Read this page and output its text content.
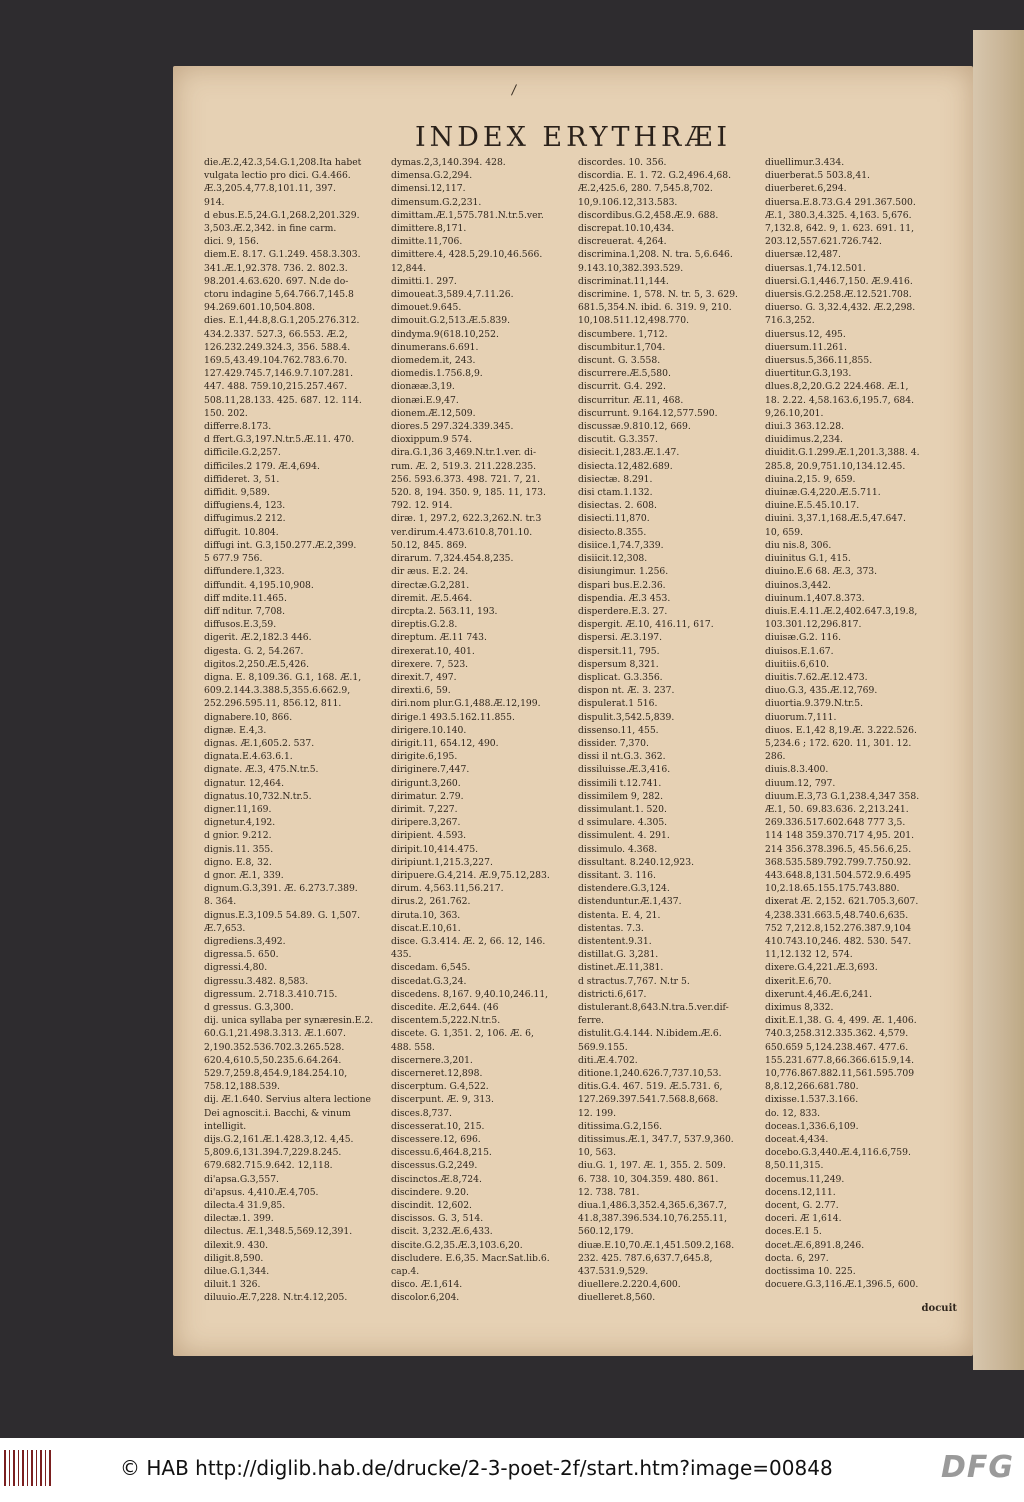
INDEX ERYTHRÆI
die.Æ.2,42.3,54.G.1,208.Ita habet
vulgata lectio pro dici. G.4.466.
Æ.3,205.4,77.8,101.11, 397.
914.
d ebus.E.5,24.G.1,268.2,201.329.
3,503.Æ.2,342. in fine carm.
dici. 9, 156.
diem.E. 8.17. G.1.249. 458.3.303.
341.Æ.1,92.378. 736. 2. 802.3.
98.201.4.63.620. 697. N.de do-
ctoru indagine 5,64.766.7,145.8
94.269.601.10,504.808.
dies. E.1,44.8,8.G.1,205.276.312.
434.2.337. 527.3, 66.553. Æ.2,
126.232.249.324.3, 356. 588.4.
169.5,43.49.104.762.783.6.70.
127.429.745.7,146.9.7.107.281.
447. 488. 759.10,215.257.467.
508.11,28.133. 425. 687. 12. 114.
150. 202.
differre.8.173.
d ffert.G.3,197.N.tr.5.Æ.11. 470.
difficile.G.2,257.
difficiles.2 179. Æ.4,694.
diffideret. 3, 51.
diffidit. 9,589.
diffugiens.4, 123.
diffugimus.2 212.
diffugit. 10.804.
diffugi int. G.3,150.277.Æ.2,399.
5 677.9 756.
diffundere.1,323.
diffundit. 4,195.10,908.
diff mdite.11.465.
diff nditur. 7,708.
diffusos.E.3,59.
digerit. Æ.2,182.3 446.
digesta. G. 2, 54.267.
digitos.2,250.Æ.5,426.
digna. E. 8,109.36. G.1, 168. Æ.1,
609.2.144.3.388.5,355.6.662.9,
252.296.595.11, 856.12, 811.
dignabere.10, 866.
dignæ. E.4,3.
dignas. Æ.1,605.2. 537.
dignata.E.4.63.6.1.
dignate. Æ.3, 475.N.tr.5.
dignatur. 12,464.
dignatus.10,732.N.tr.5.
digner.11,169.
dignetur.4,192.
d gnior. 9.212.
dignis.11. 355.
digno. E.8, 32.
d gnor. Æ.1, 339.
dignum.G.3,391. Æ. 6.273.7.389.
8. 364.
dignus.E.3,109.5 54.89. G. 1,507.
Æ.7,653.
digrediens.3,492.
digressa.5. 650.
digressi.4,80.
digressu.3.482. 8,583.
digressum. 2.718.3.410.715.
d gressus. G.3,300.
dij. unica syllaba per synæresin.E.2.
60.G.1,21.498.3.313. Æ.1.607.
2,190.352.536.702.3.265.528.
620.4,610.5,50.235.6.64.264.
529.7,259.8,454.9,184.254.10,
758.12,188.539.
dij. Æ.1.640. Servius altera lectione
Dei agnoscit.i. Bacchi, & vinum
intelligit.
dijs.G.2,161.Æ.1.428.3,12. 4,45.
5,809.6,131.394.7,229.8.245.
679.682.715.9.642. 12,118.
di'apsa.G.3,557.
di'apsus. 4,410.Æ.4,705.
dilecta.4 31.9,85.
dilectæ.1. 399.
dilectus. Æ.1,348.5,569.12,391.
dilexit.9. 430.
diligit.8,590.
dilue.G.1,344.
diluit.1 326.
diluuio.Æ.7,228. N.tr.4.12,205.
dymas.2,3,140.394. 428.
dimensa.G.2,294.
dimensi.12,117.
dimensum.G.2,231.
dimittam.Æ.1,575.781.N.tr.5.ver.
dimittere.8,171.
dimitte.11,706.
dimittere.4, 428.5,29.10,46.566.
12,844.
dimitti.1. 297.
dimoueat.3,589.4,7.11.26.
dimouet.9.645.
dimouit.G.2,513.Æ.5.839.
dindyma.9(618.10,252.
dinumerans.6.691.
diomedem.it, 243.
diomedis.1.756.8,9.
dionææ.3,19.
dionæi.E.9,47.
dionem.Æ.12,509.
diores.5 297.324.339.345.
dioxippum.9 574.
dira.G.1,36 3,469.N.tr.1.ver. di-
rum. Æ. 2, 519.3. 211.228.235.
256. 593.6.373. 498. 721. 7, 21.
520. 8, 194. 350. 9, 185. 11, 173.
792. 12. 914.
diræ. 1, 297.2, 622.3,262.N. tr.3
ver.dirum.4.473.610.8,701.10.
50.12, 845. 869.
dirarum. 7,324.454.8,235.
dir æus. E.2. 24.
directæ.G.2,281.
diremit. Æ.5.464.
dircpta.2. 563.11, 193.
direptis.G.2.8.
direptum. Æ.11 743.
direxerat.10, 401.
direxere. 7, 523.
direxit.7, 497.
direxti.6, 59.
diri.nom plur.G.1,488.Æ.12,199.
dirige.1 493.5.162.11.855.
dirigere.10.140.
dirigit.11, 654.12, 490.
dirigite.6,195.
diriginere.7,447.
dirigunt.3,260.
dirimatur. 2.79.
dirimit. 7,227.
diripere.3,267.
diripient. 4.593.
diripit.10,414.475.
diripiunt.1,215.3,227.
diripuere.G.4,214. Æ.9,75.12,283.
dirum. 4,563.11,56.217.
dirus.2, 261.762.
diruta.10, 363.
discat.E.10,61.
disce. G.3.414. Æ. 2, 66. 12, 146.
435.
discedam. 6,545.
discedat.G.3,24.
discedens. 8,167. 9,40.10,246.11,
discedite. Æ.2,644. (46
discentem.5,222.N.tr.5.
discete. G. 1,351. 2, 106. Æ. 6,
488. 558.
discernere.3,201.
discerneret.12,898.
discerptum. G.4,522.
discerpunt. Æ. 9, 313.
disces.8,737.
discesserat.10, 215.
discessere.12, 696.
discessu.6,464.8,215.
discessus.G.2,249.
discinctos.Æ.8,724.
discindere. 9.20.
discindit. 12,602.
discissos. G. 3, 514.
discit. 3,232.Æ.6,433.
discite.G.2,35.Æ.3,103.6,20.
discludere. E.6,35. Macr.Sat.lib.6.
cap.4.
disco. Æ.1,614.
discolor.6,204.
discordes. 10. 356.
discordia. E. 1. 72. G.2,496.4,68.
Æ.2,425.6, 280. 7,545.8,702.
10,9.106.12,313.583.
discordibus.G.2,458.Æ.9. 688.
discrepat.10.10,434.
discreuerat. 4,264.
discrimina.1,208. N. tra. 5,6.646.
9.143.10,382.393.529.
discriminat.11,144.
discrimine. 1, 578. N. tr. 5, 3. 629.
681.5,354.N. ibid. 6. 319. 9, 210.
10,108.511.12,498.770.
discumbere. 1,712.
discumbitur.1,704.
discunt. G. 3.558.
discurrere.Æ.5,580.
discurrit. G.4. 292.
discurritur. Æ.11, 468.
discurrunt. 9.164.12,577.590.
discussæ.9.810.12, 669.
discutit. G.3.357.
disiecit.1,283.Æ.1.47.
disiecta.12,482.689.
disiectæ. 8.291.
disi ctam.1.132.
disiectas. 2. 608.
disiecti.11,870.
disiecto.8.355.
disiice.1,74.7,339.
disiicit.12,308.
disiungimur. 1.256.
dispari bus.E.2.36.
dispendia. Æ.3 453.
disperdere.E.3. 27.
dispergit. Æ.10, 416.11, 617.
dispersi. Æ.3.197.
dispersit.11, 795.
dispersum 8,321.
displicat. G.3.356.
dispon nt. Æ. 3. 237.
dispulerat.1 516.
dispulit.3,542.5,839.
dissenso.11, 455.
dissider. 7,370.
dissi il nt.G.3. 362.
dissiluisse.Æ.3,416.
dissimili t.12.741.
dissimilem 9, 282.
dissimulant.1. 520.
d ssimulare. 4.305.
dissimulent. 4. 291.
dissimulo. 4.368.
dissultant. 8.240.12,923.
dissitant. 3. 116.
distendere.G.3,124.
distenduntur.Æ.1,437.
distenta. E. 4, 21.
distentas. 7.3.
distentent.9.31.
distillat.G. 3,281.
distinet.Æ.11,381.
d stractus.7,767. N.tr 5.
districti.6,617.
distulerant.8,643.N.tra.5.ver.dif-
ferre.
distulit.G.4.144. N.ibidem.Æ.6.
569.9.155.
diti.Æ.4.702.
ditione.1,240.626.7,737.10,53.
ditis.G.4. 467. 519. Æ.5.731. 6,
127.269.397.541.7.568.8,668.
12. 199.
ditissima.G.2,156.
ditissimus.Æ.1, 347.7, 537.9,360.
10, 563.
diu.G. 1, 197. Æ. 1, 355. 2. 509.
6. 738. 10, 304.359. 480. 861.
12. 738. 781.
diua.1,486.3,352.4,365.6,367.7,
41.8,387.396.534.10,76.255.11,
560.12,179.
diuæ.E.10,70.Æ.1,451.509.2,168.
232. 425. 787.6,637.7,645.8,
437.531.9,529.
diuellere.2.220.4,600.
diuelleret.8,560.
diuellimur.3.434.
diuerberat.5 503.8,41.
diuerberet.6,294.
diuersa.E.8.73.G.4 291.367.500.
Æ.1, 380.3,4.325. 4,163. 5,676.
7,132.8, 642. 9, 1. 623. 691. 11,
203.12,557.621.726.742.
diuersæ.12,487.
diuersas.1,74.12.501.
diuersi.G.1,446.7,150. Æ.9.416.
diuersis.G.2.258.Æ.12.521.708.
diuerso. G. 3,32.4,432. Æ.2,298.
716.3,252.
diuersus.12, 495.
diuersum.11.261.
diuersus.5,366.11,855.
diuertitur.G.3,193.
dlues.8,2,20.G.2 224.468. Æ.1,
18. 2.22. 4,58.163.6,195.7, 684.
9,26.10,201.
diui.3 363.12.28.
diuidimus.2,234.
diuidit.G.1.299.Æ.1,201.3,388. 4.
285.8, 20.9,751.10,134.12.45.
diuina.2,15. 9, 659.
diuinæ.G.4,220.Æ.5.711.
diuine.E.5.45.10.17.
diuini. 3,37.1,168.Æ.5,47.647.
10, 659.
diu nis.8, 306.
diuinitus G.1, 415.
diuino.E.6 68. Æ.3, 373.
diuinos.3,442.
diuinum.1,407.8.373.
diuis.E.4.11.Æ.2,402.647.3,19.8,
103.301.12,296.817.
diuisæ.G.2. 116.
diuisos.E.1.67.
diuitiis.6,610.
diuitis.7.62.Æ.12.473.
diuo.G.3, 435.Æ.12,769.
diuortia.9.379.N.tr.5.
diuorum.7,111.
diuos. E.1,42 8,19.Æ. 3.222.526.
5,234.6 ; 172. 620. 11, 301. 12.
286.
diuis.8.3.400.
diuum.12, 797.
diuum.E.3,73 G.1,238.4,347 358.
Æ.1, 50. 69.83.636. 2,213.241.
269.336.517.602.648 777 3,5.
114 148 359.370.717 4,95. 201.
214 356.378.396.5, 45.56.6,25.
368.535.589.792.799.7.750.92.
443.648.8,131.504.572.9.6.495
10,2.18.65.155.175.743.880.
dixerat Æ. 2,152. 621.705.3,607.
4,238.331.663.5,48.740.6,635.
752 7,212.8,152.276.387.9,104
410.743.10,246. 482. 530. 547.
11,12.132 12, 574.
dixere.G.4,221.Æ.3,693.
dixerit.E.6,70.
dixerunt.4,46.Æ.6,241.
diximus 8,332.
dixit.E.1,38. G. 4, 499. Æ. 1,406.
740.3,258.312.335.362. 4,579.
650.659 5,124.238.467. 477.6.
155.231.677.8,66.366.615.9,14.
10,776.867.882.11,561.595.709
8,8.12,266.681.780.
dixisse.1.537.3.166.
do. 12, 833.
doceas.1,336.6,109.
doceat.4,434.
docebo.G.3,440.Æ.4,116.6,759.
8,50.11,315.
docemus.11,249.
docens.12,111.
docent, G. 2.77.
doceri. Æ 1,614.
doces.E.1 5.
docet.Æ.6,891.8,246.
docta. 6, 297.
doctissima 10. 225.
docuere.G.3,116.Æ.1,396.5, 600.
docuit
© HAB http://diglib.hab.de/drucke/2-3-poet-2f/start.htm?image=00848	DFG
